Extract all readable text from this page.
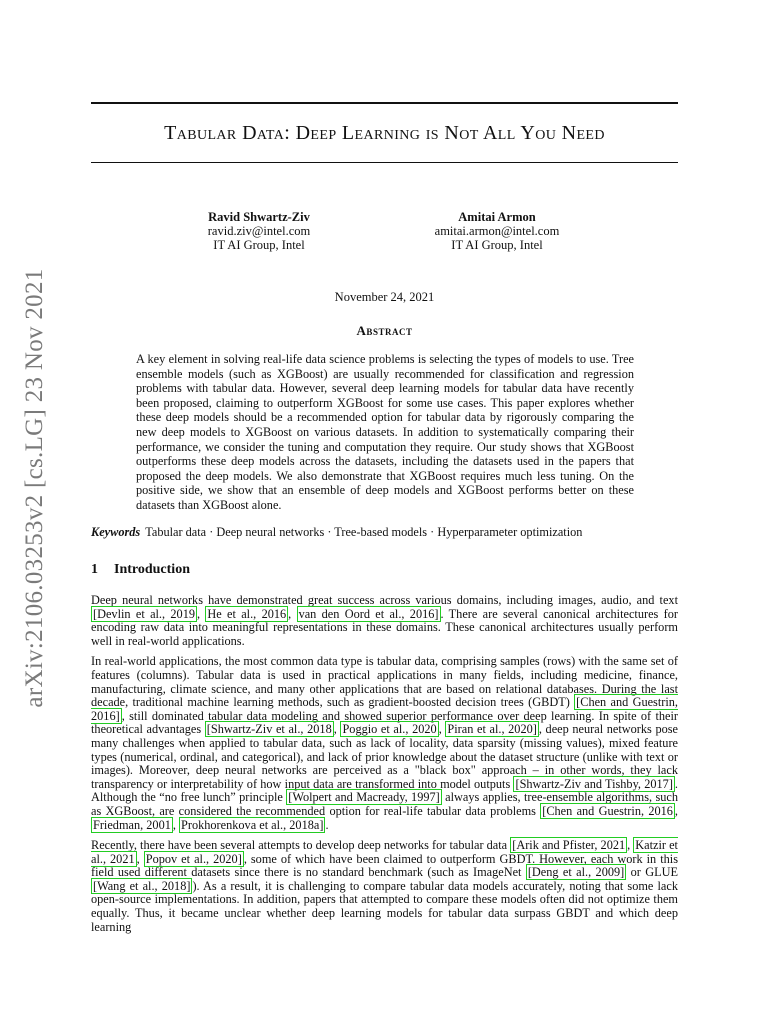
arXiv:2106.03253v2 [cs.LG] 23 Nov 2021
Tabular Data: Deep Learning is Not All You Need
Ravid Shwartz-Ziv
ravid.ziv@intel.com
IT AI Group, Intel
Amitai Armon
amitai.armon@intel.com
IT AI Group, Intel
November 24, 2021
Abstract
A key element in solving real-life data science problems is selecting the types of models to use. Tree ensemble models (such as XGBoost) are usually recommended for classification and regression problems with tabular data. However, several deep learning models for tabular data have recently been proposed, claiming to outperform XGBoost for some use cases. This paper explores whether these deep models should be a recommended option for tabular data by rigorously comparing the new deep models to XGBoost on various datasets. In addition to systematically comparing their performance, we consider the tuning and computation they require. Our study shows that XGBoost outperforms these deep models across the datasets, including the datasets used in the papers that proposed the deep models. We also demonstrate that XGBoost requires much less tuning. On the positive side, we show that an ensemble of deep models and XGBoost performs better on these datasets than XGBoost alone.
Keywords Tabular data · Deep neural networks · Tree-based models · Hyperparameter optimization
1 Introduction

Deep neural networks have demonstrated great success across various domains, including images, audio, and text [Devlin et al., 2019 , He et al., 2016 , van den Oord et al., 2016] . There are several canonical architectures for encoding raw data into meaningful representations in these domains. These canonical architectures usually perform well in real-world applications.

In real-world applications, the most common data type is tabular data, comprising samples (rows) with the same set of features (columns). Tabular data is used in practical applications in many fields, including medicine, finance, manufacturing, climate science, and many other applications that are based on relational databases. During the last decade, traditional machine learning methods, such as gradient-boosted decision trees (GBDT) [Chen and Guestrin, 2016] , still dominated tabular data modeling and showed superior performance over deep learning. In spite of their theoretical advantages [Shwartz-Ziv et al., 2018 , Poggio et al., 2020 , Piran et al., 2020] , deep neural networks pose many challenges when applied to tabular data, such as lack of locality, data sparsity (missing values), mixed feature types (numerical, ordinal, and categorical), and lack of prior knowledge about the dataset structure (unlike with text or images). Moreover, deep neural networks are perceived as a "black box" approach – in other words, they lack transparency or interpretability of how input data are transformed into model outputs [Shwartz-Ziv and Tishby, 2017] . Although the “no free lunch” principle [Wolpert and Macready, 1997] always applies, tree-ensemble algorithms, such as XGBoost, are considered the recommended option for real-life tabular data problems [Chen and Guestrin, 2016 , Friedman, 2001 , Prokhorenkova et al., 2018a] .

Recently, there have been several attempts to develop deep networks for tabular data [Arik and Pfister, 2021 , Katzir et al., 2021 , Popov et al., 2020] , some of which have been claimed to outperform GBDT. However, each work in this field used different datasets since there is no standard benchmark (such as ImageNet [Deng et al., 2009] or GLUE [Wang et al., 2018] ). As a result, it is challenging to compare tabular data models accurately, noting that some lack open-source implementations. In addition, papers that attempted to compare these models often did not optimize them equally. Thus, it became unclear whether deep learning models for tabular data surpass GBDT and which deep learning
